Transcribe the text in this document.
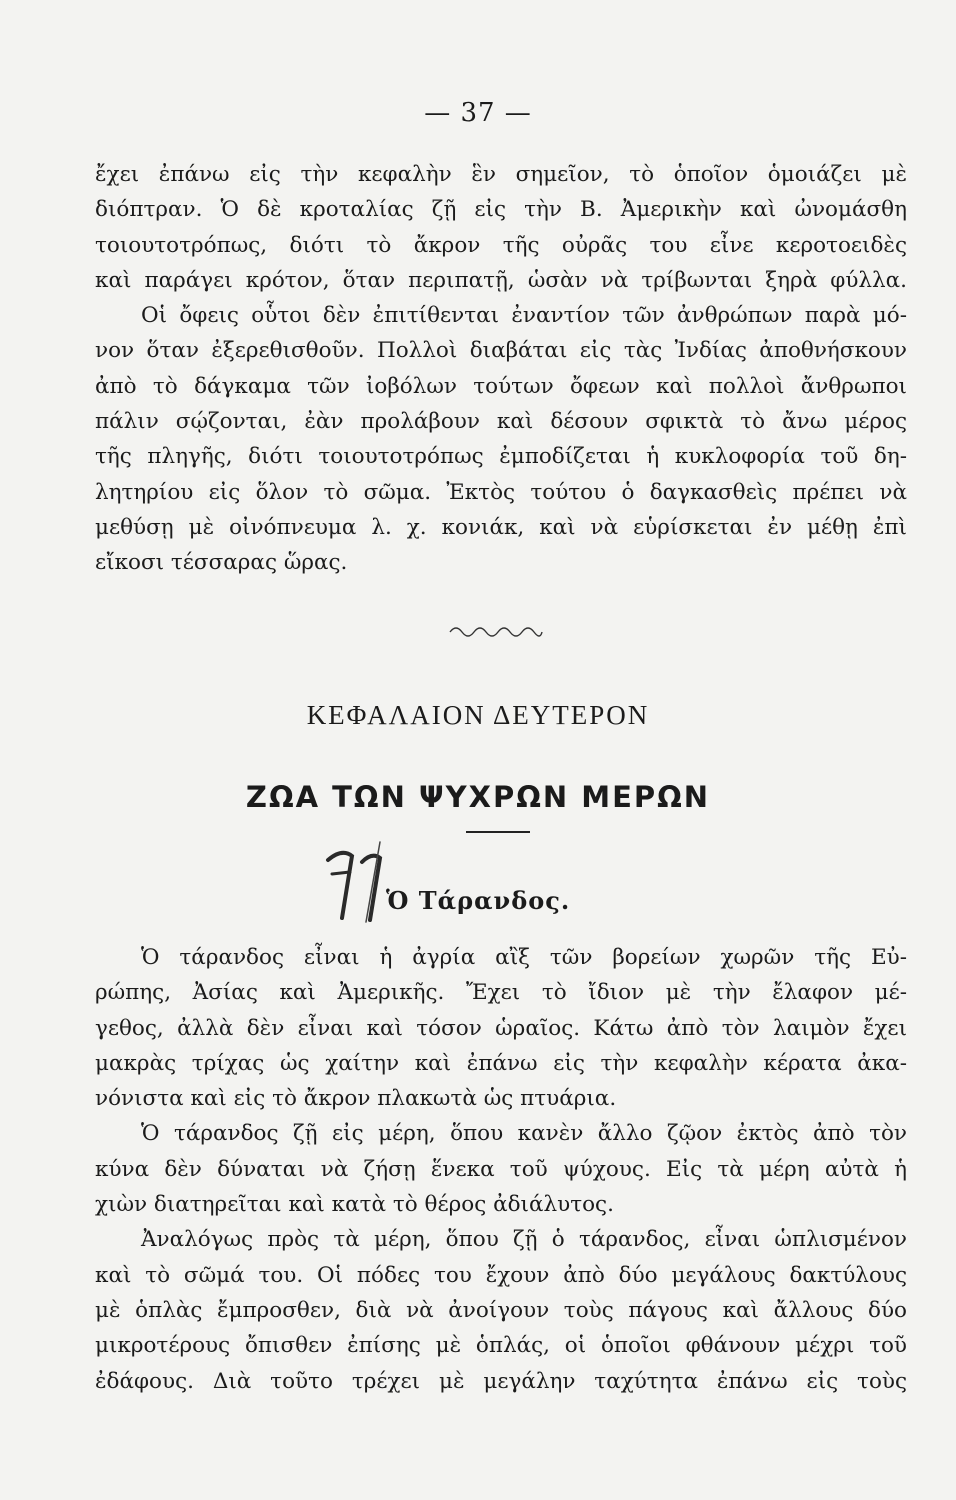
— 37 —
ἔχει ἐπάνω εἰς τὴν κεφαλὴν ἓν σημεῖον, τὸ ὁποῖον ὁμοιάζει μὲ
διόπτραν. Ὁ δὲ κροταλίας ζῇ εἰς τὴν Β. Ἀμερικὴν καὶ ὠνομάσθη
τοιουτοτρόπως, διότι τὸ ἄκρον τῆς οὐρᾶς του εἶνε κεροτοειδὲς
καὶ παράγει κρότον, ὅταν περιπατῇ, ὡσὰν νὰ τρίβωνται ξηρὰ φύλλα.
Οἱ ὄφεις οὗτοι δὲν ἐπιτίθενται ἐναντίον τῶν ἀνθρώπων παρὰ μό-
νον ὅταν ἐξερεθισθοῦν. Πολλοὶ διαβάται εἰς τὰς Ἰνδίας ἀποθνήσκουν
ἀπὸ τὸ δάγκαμα τῶν ἰοβόλων τούτων ὄφεων καὶ πολλοὶ ἄνθρωποι
πάλιν σῴζονται, ἐὰν προλάβουν καὶ δέσουν σφικτὰ τὸ ἄνω μέρος
τῆς πληγῆς, διότι τοιουτοτρόπως ἐμποδίζεται ἡ κυκλοφορία τοῦ δη-
λητηρίου εἰς ὅλον τὸ σῶμα. Ἐκτὸς τούτου ὁ δαγκασθεὶς πρέπει νὰ
μεθύσῃ μὲ οἰνόπνευμα λ. χ. κονιάκ, καὶ νὰ εὑρίσκεται ἐν μέθῃ ἐπὶ
εἴκοσι τέσσαρας ὥρας.
ΚΕΦΑΛΑΙΟΝ ΔΕΥΤΕΡΟΝ
ΖΩΑ ΤΩΝ ΨΥΧΡΩΝ ΜΕΡΩΝ
Ὁ Τάρανδος.
Ὁ τάρανδος εἶναι ἡ ἀγρία αἲξ τῶν βορείων χωρῶν τῆς Εὐ-
ρώπης, Ἀσίας καὶ Ἀμερικῆς. Ἔχει τὸ ἴδιον μὲ τὴν ἔλαφον μέ-
γεθος, ἀλλὰ δὲν εἶναι καὶ τόσον ὡραῖος. Κάτω ἀπὸ τὸν λαιμὸν ἔχει
μακρὰς τρίχας ὡς χαίτην καὶ ἐπάνω εἰς τὴν κεφαλὴν κέρατα ἀκα-
νόνιστα καὶ εἰς τὸ ἄκρον πλακωτὰ ὡς πτυάρια.
Ὁ τάρανδος ζῇ εἰς μέρη, ὅπου κανὲν ἄλλο ζῷον ἐκτὸς ἀπὸ τὸν
κύνα δὲν δύναται νὰ ζήσῃ ἕνεκα τοῦ ψύχους. Εἰς τὰ μέρη αὐτὰ ἡ
χιὼν διατηρεῖται καὶ κατὰ τὸ θέρος ἀδιάλυτος.
Ἀναλόγως πρὸς τὰ μέρη, ὅπου ζῇ ὁ τάρανδος, εἶναι ὡπλισμένον
καὶ τὸ σῶμά του. Οἱ πόδες του ἔχουν ἀπὸ δύο μεγάλους δακτύλους
μὲ ὁπλὰς ἔμπροσθεν, διὰ νὰ ἀνοίγουν τοὺς πάγους καὶ ἄλλους δύο
μικροτέρους ὄπισθεν ἐπίσης μὲ ὁπλάς, οἱ ὁποῖοι φθάνουν μέχρι τοῦ
ἐδάφους. Διὰ τοῦτο τρέχει μὲ μεγάλην ταχύτητα ἐπάνω εἰς τοὺς
